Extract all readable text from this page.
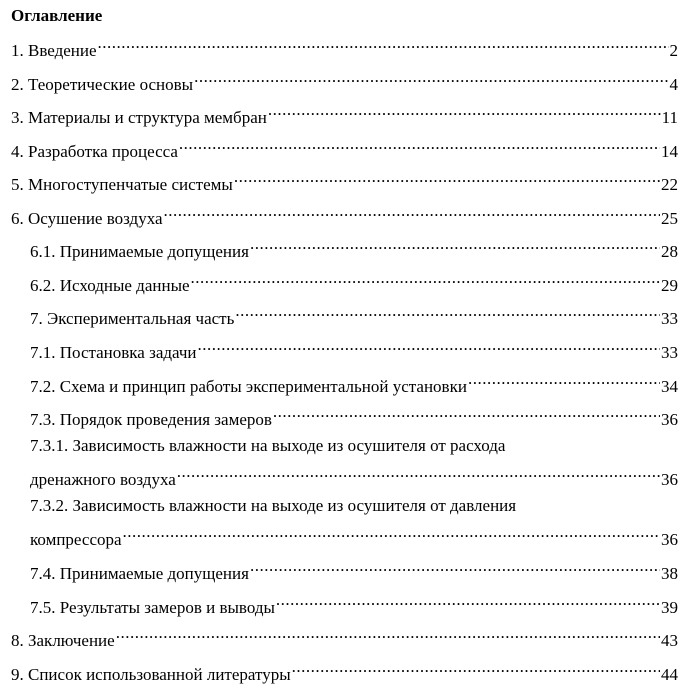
Оглавление
1. Введение .....	2
2. Теоретические основы .....	4
3. Материалы и структура мембран .....	11
4. Разработка процесса .....	14
5. Многоступенчатые системы .....	22
6. Осушение воздуха .....	25
6.1. Принимаемые допущения .....	28
6.2. Исходные данные .....	29
7. Экспериментальная часть .....	33
7.1. Постановка задачи .....	33
7.2. Схема и принцип работы экспериментальной установки .....	34
7.3. Порядок проведения замеров .....	36
7.3.1. Зависимость влажности на выходе из осушителя от расхода
дренажного воздуха .....	36
7.3.2. Зависимость влажности на выходе из осушителя от давления
компрессора .....	36
7.4. Принимаемые допущения .....	38
7.5. Результаты замеров и выводы .....	39
8. Заключение .....	43
9. Список использованной литературы .....	44
